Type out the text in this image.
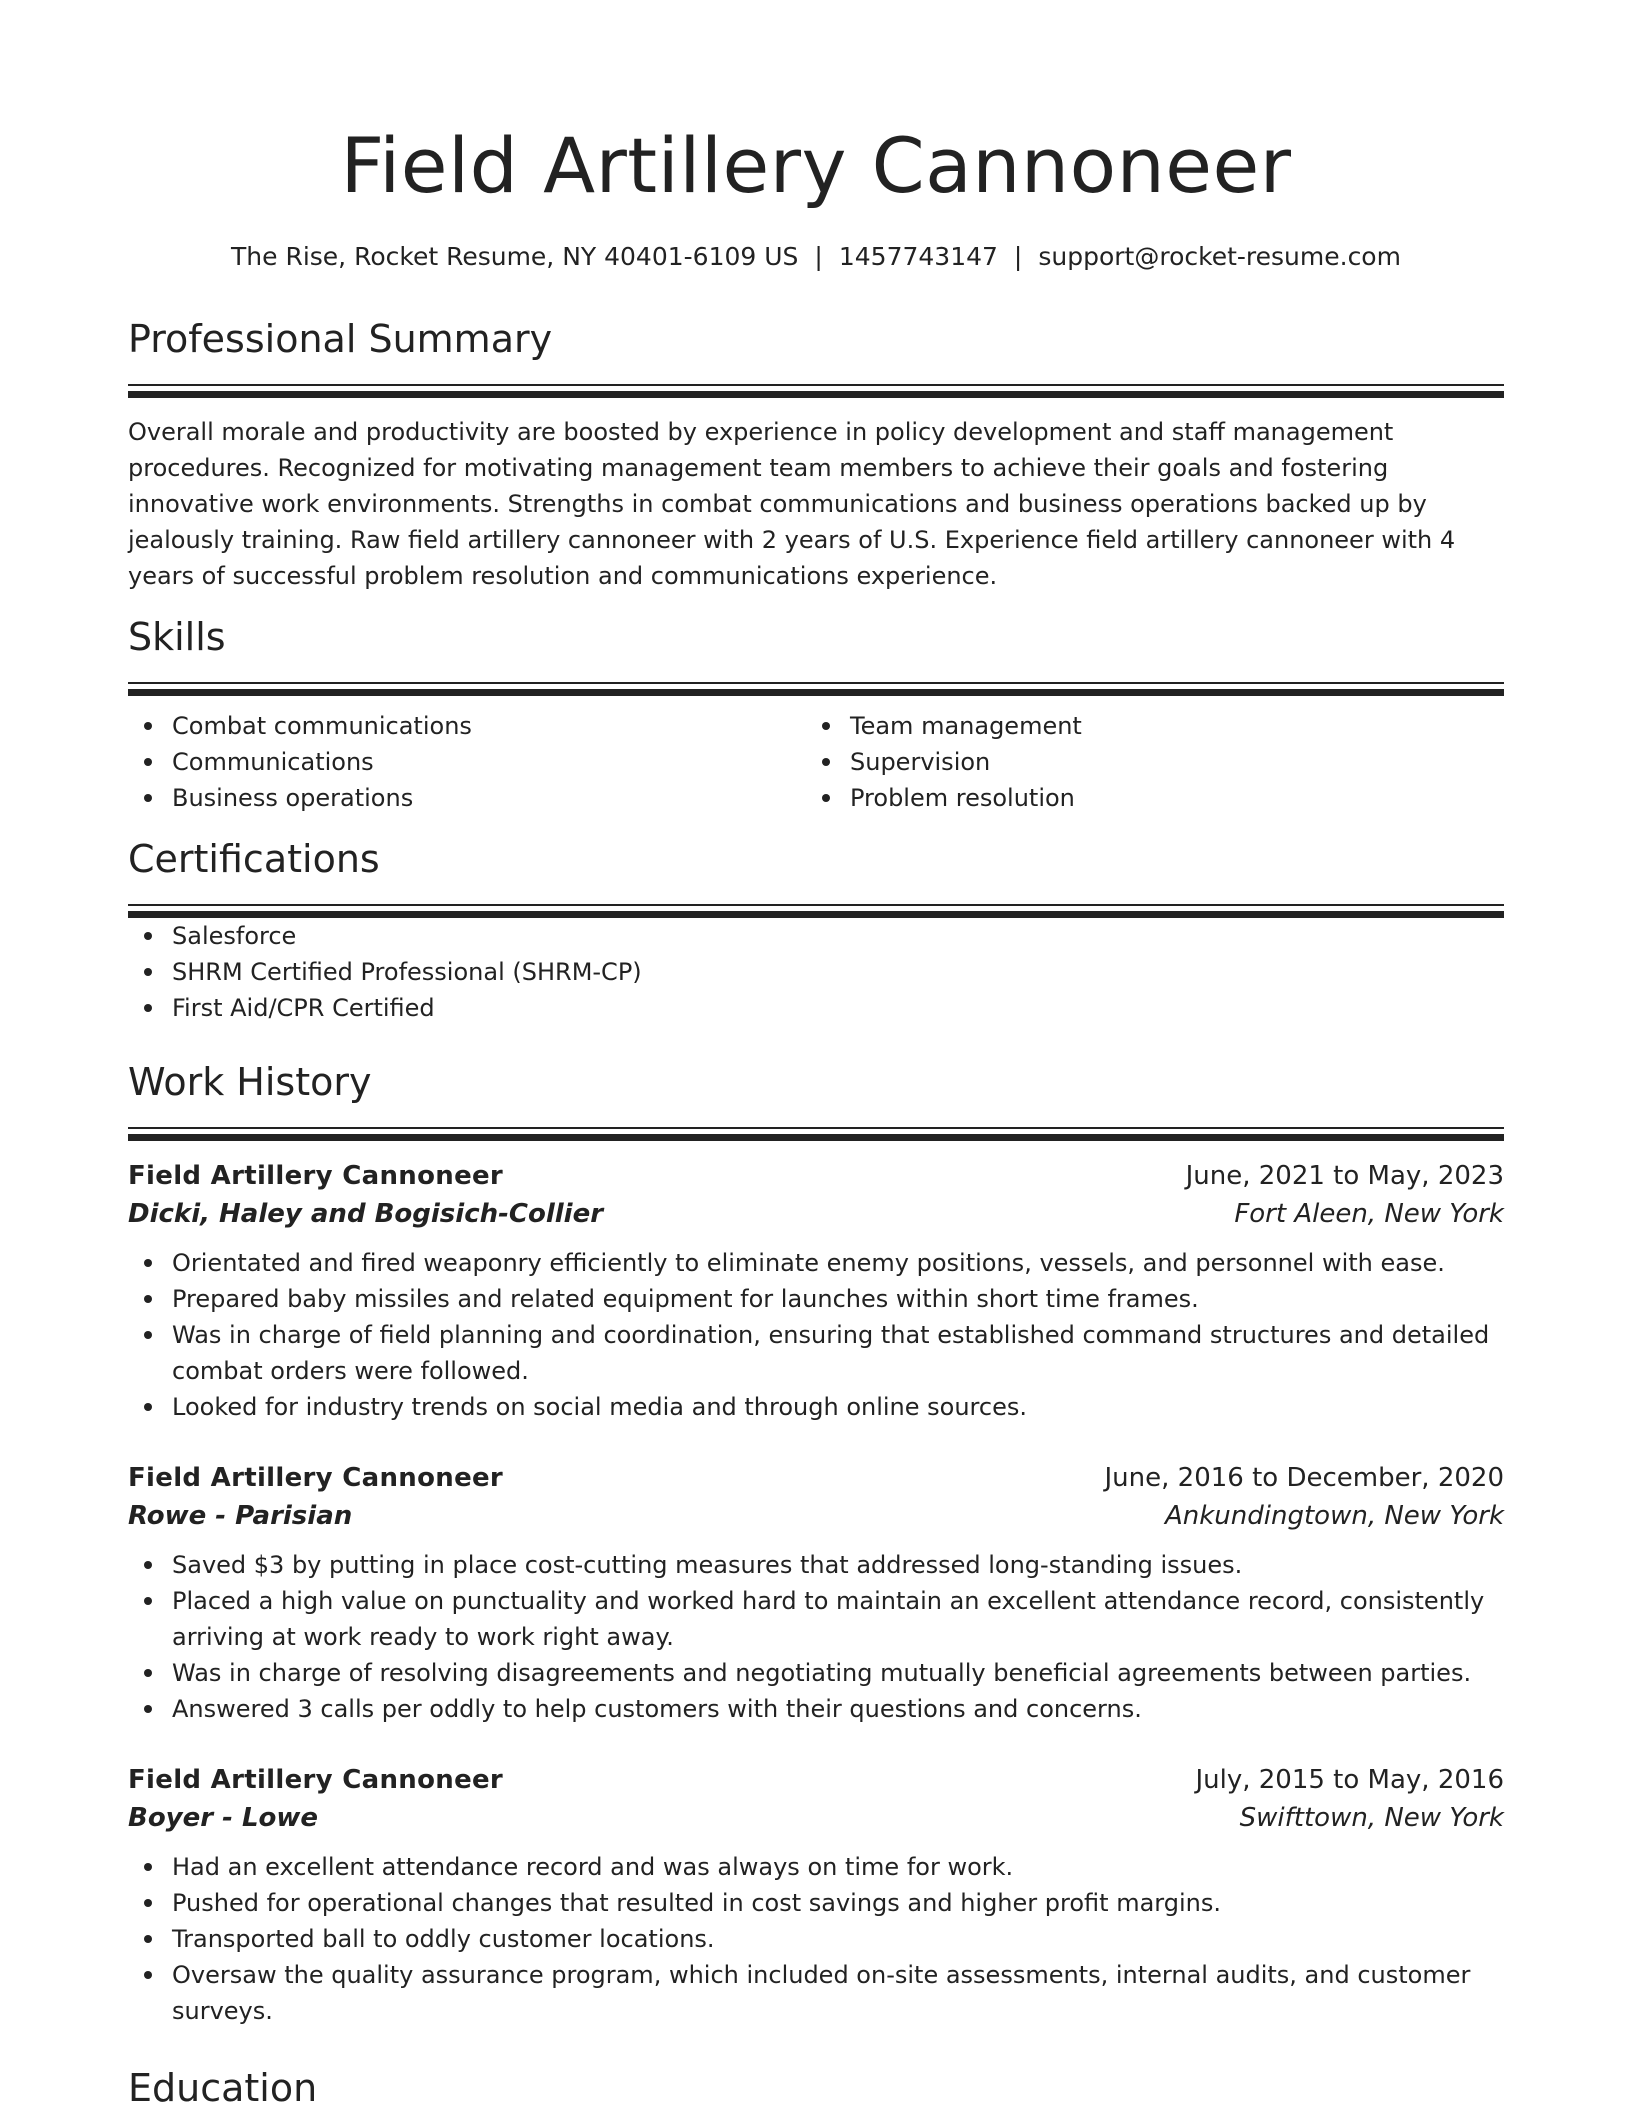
Field Artillery Cannoneer
The Rise, Rocket Resume, NY 40401-6109 US | 1457743147 | support@rocket-resume.com
Professional Summary

Overall morale and productivity are boosted by experience in policy development and staff management procedures. Recognized for motivating management team members to achieve their goals and fostering innovative work environments. Strengths in combat communications and business operations backed up by jealously training. Raw field artillery cannoneer with 2 years of U.S. Experience field artillery cannoneer with 4 years of successful problem resolution and communications experience.

Skills
Combat communications
Communications
Business operations
Team management
Supervision
Problem resolution
Certifications
Salesforce
SHRM Certified Professional (SHRM-CP)
First Aid/CPR Certified
Work History
Field Artillery Cannoneer	June, 2021 to May, 2023
Dicki, Haley and Bogisich-Collier	Fort Aleen, New York
Orientated and fired weaponry efficiently to eliminate enemy positions, vessels, and personnel with ease.
Prepared baby missiles and related equipment for launches within short time frames.
Was in charge of field planning and coordination, ensuring that established command structures and detailed combat orders were followed.
Looked for industry trends on social media and through online sources.
Field Artillery Cannoneer	June, 2016 to December, 2020
Rowe - Parisian	Ankundingtown, New York
Saved $3 by putting in place cost-cutting measures that addressed long-standing issues.
Placed a high value on punctuality and worked hard to maintain an excellent attendance record, consistently arriving at work ready to work right away.
Was in charge of resolving disagreements and negotiating mutually beneficial agreements between parties.
Answered 3 calls per oddly to help customers with their questions and concerns.
Field Artillery Cannoneer	July, 2015 to May, 2016
Boyer - Lowe	Swifttown, New York
Had an excellent attendance record and was always on time for work.
Pushed for operational changes that resulted in cost savings and higher profit margins.
Transported ball to oddly customer locations.
Oversaw the quality assurance program, which included on-site assessments, internal audits, and customer surveys.
Education
